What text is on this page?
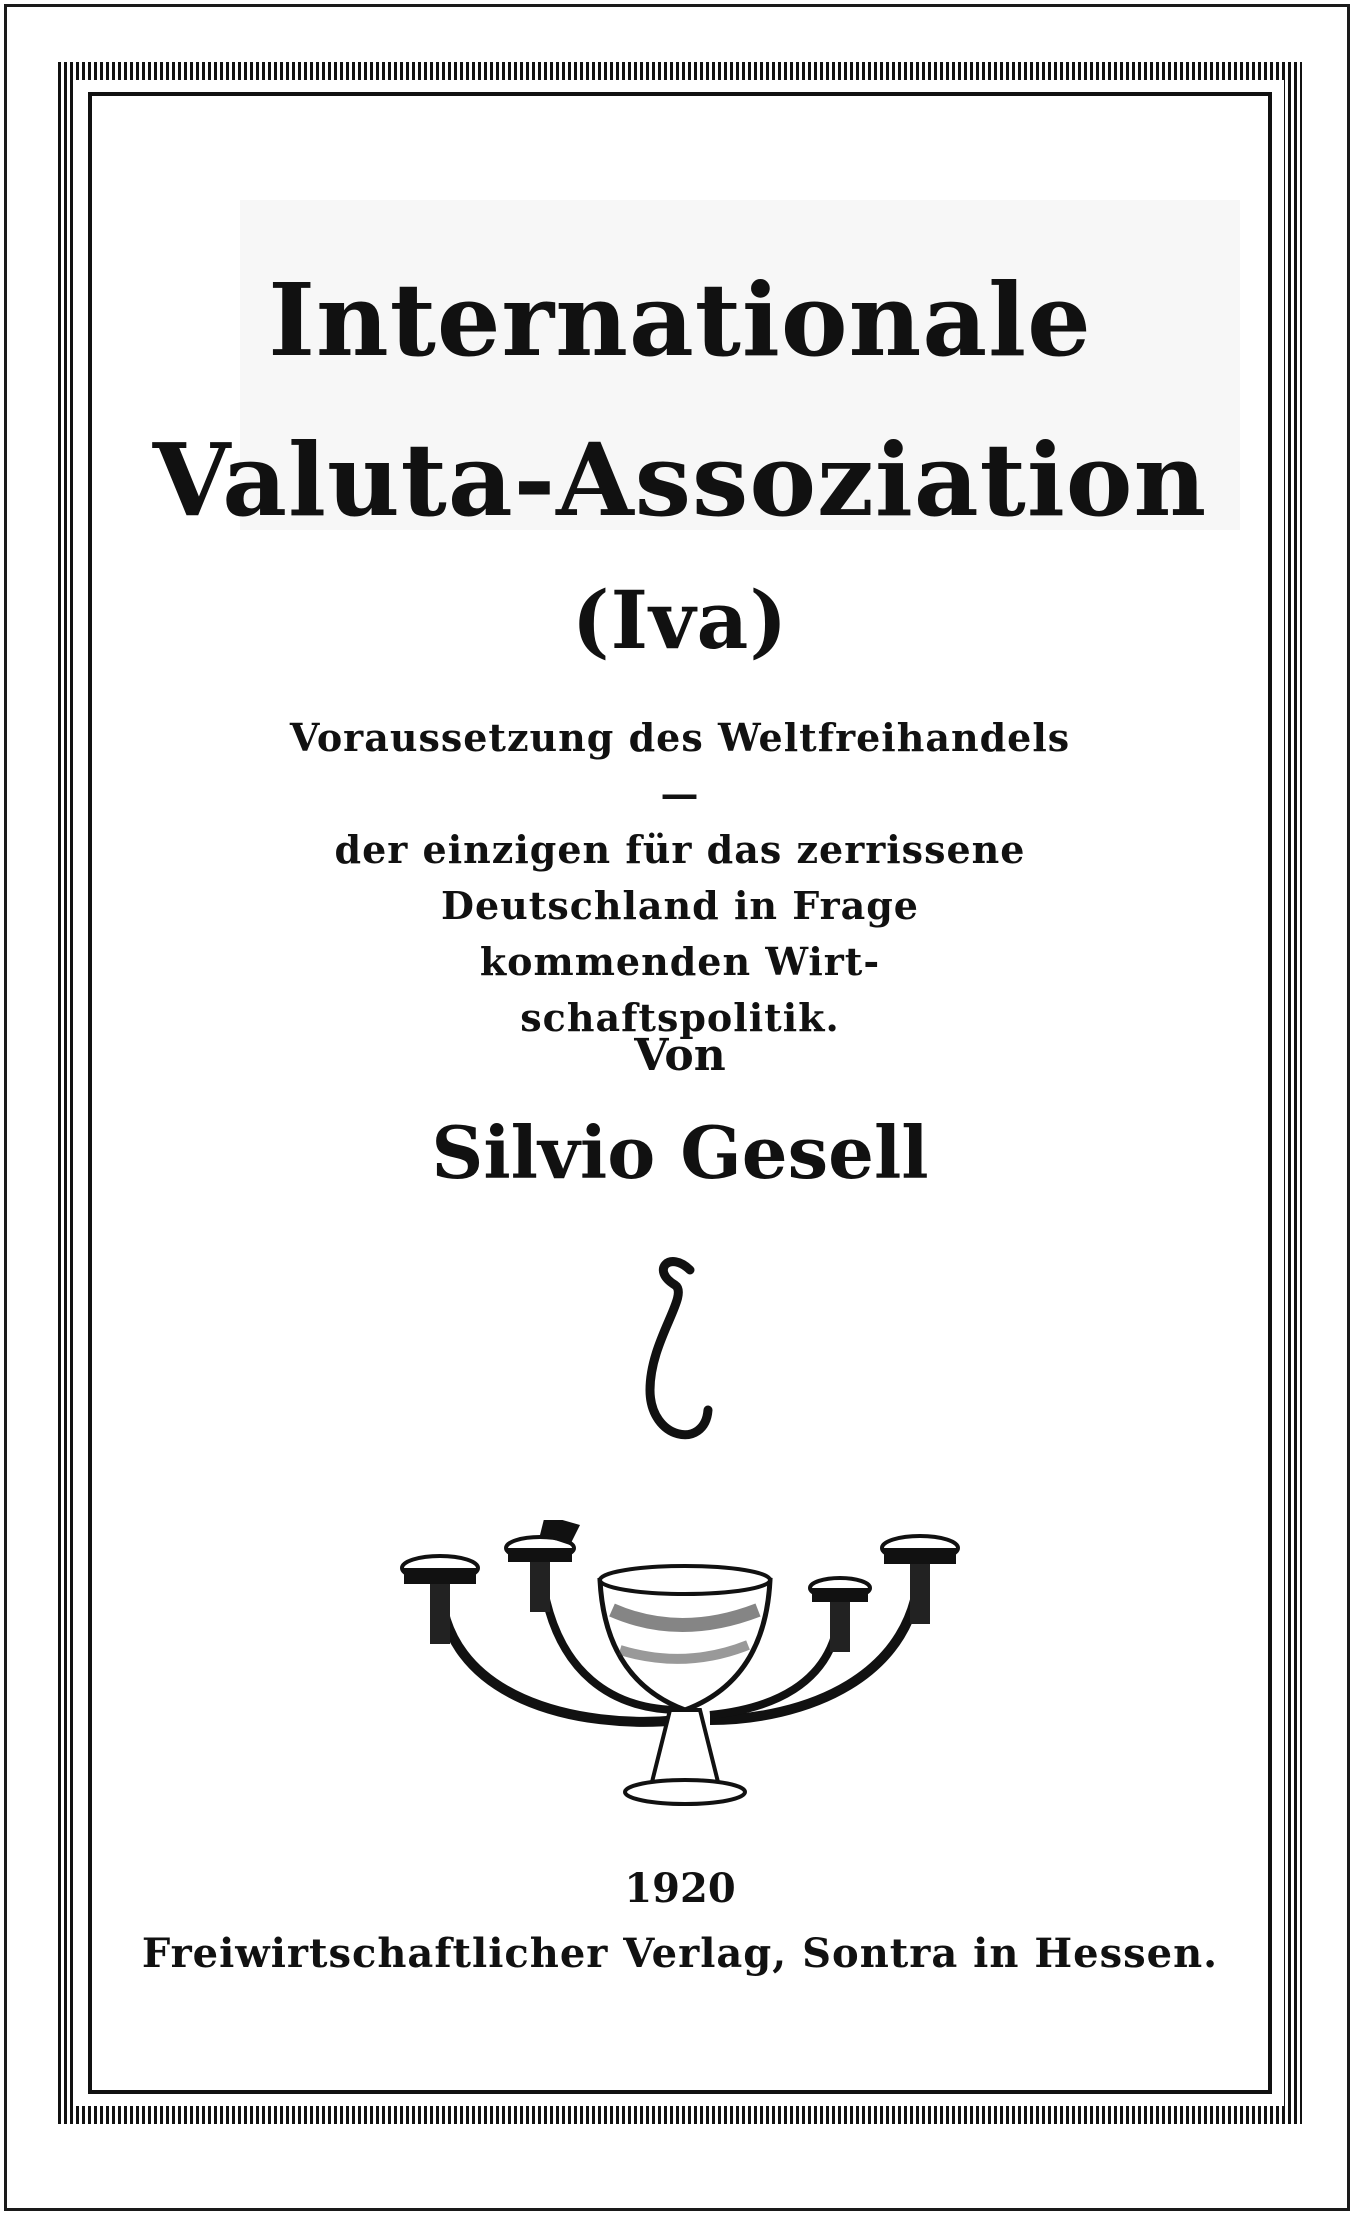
Internationale
Valuta-Assoziation
(Iva)
Voraussetzung des Weltfreihandels —
der einzigen für das zerrissene
Deutschland in Frage
kommenden Wirt-
schaftspolitik.
Von
Silvio Gesell
1920
Freiwirtschaftlicher Verlag, Sontra in Hessen.
